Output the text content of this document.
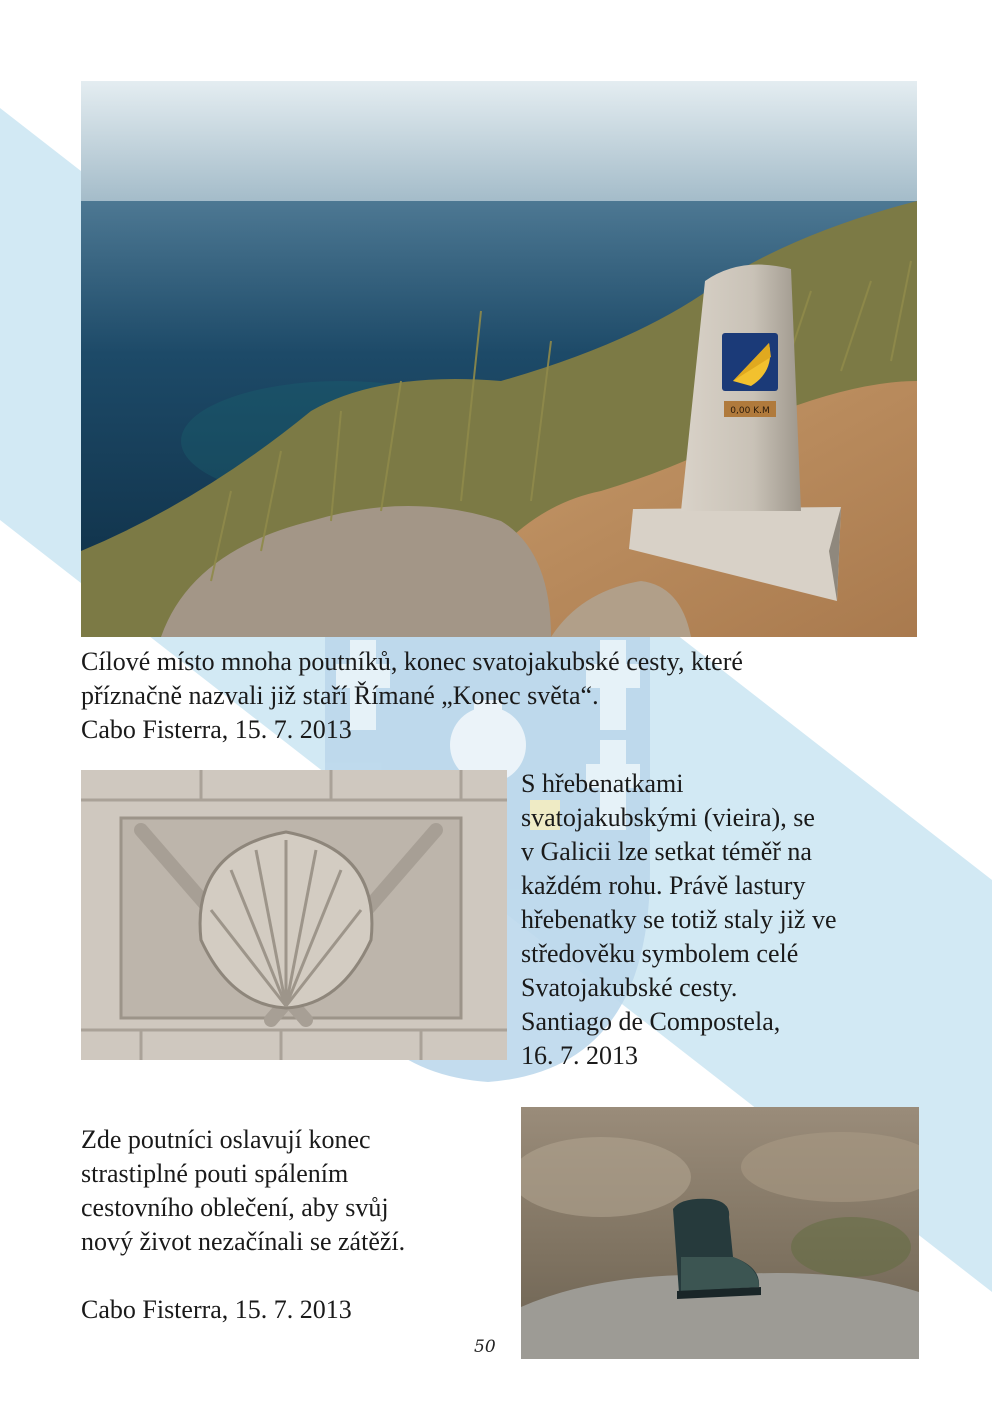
0,00 K.M
Cílové místo mnoha poutníků, konec svatojakubské cesty, které
příznačně nazvali již staří Římané „Konec světa“.
Cabo Fisterra, 15. 7. 2013
S hřebenatkami
svatojakubskými (vieira), se
v Galicii lze setkat téměř na
každém rohu. Právě lastury
hřebenatky se totiž staly již ve
středověku symbolem celé
Svatojakubské cesty.
Santiago de Compostela,
16. 7. 2013
Zde poutníci oslavují konec
strastiplné pouti spálením
cestovního oblečení, aby svůj
nový život nezačínali se zátěží.
Cabo Fisterra, 15. 7. 2013
50
